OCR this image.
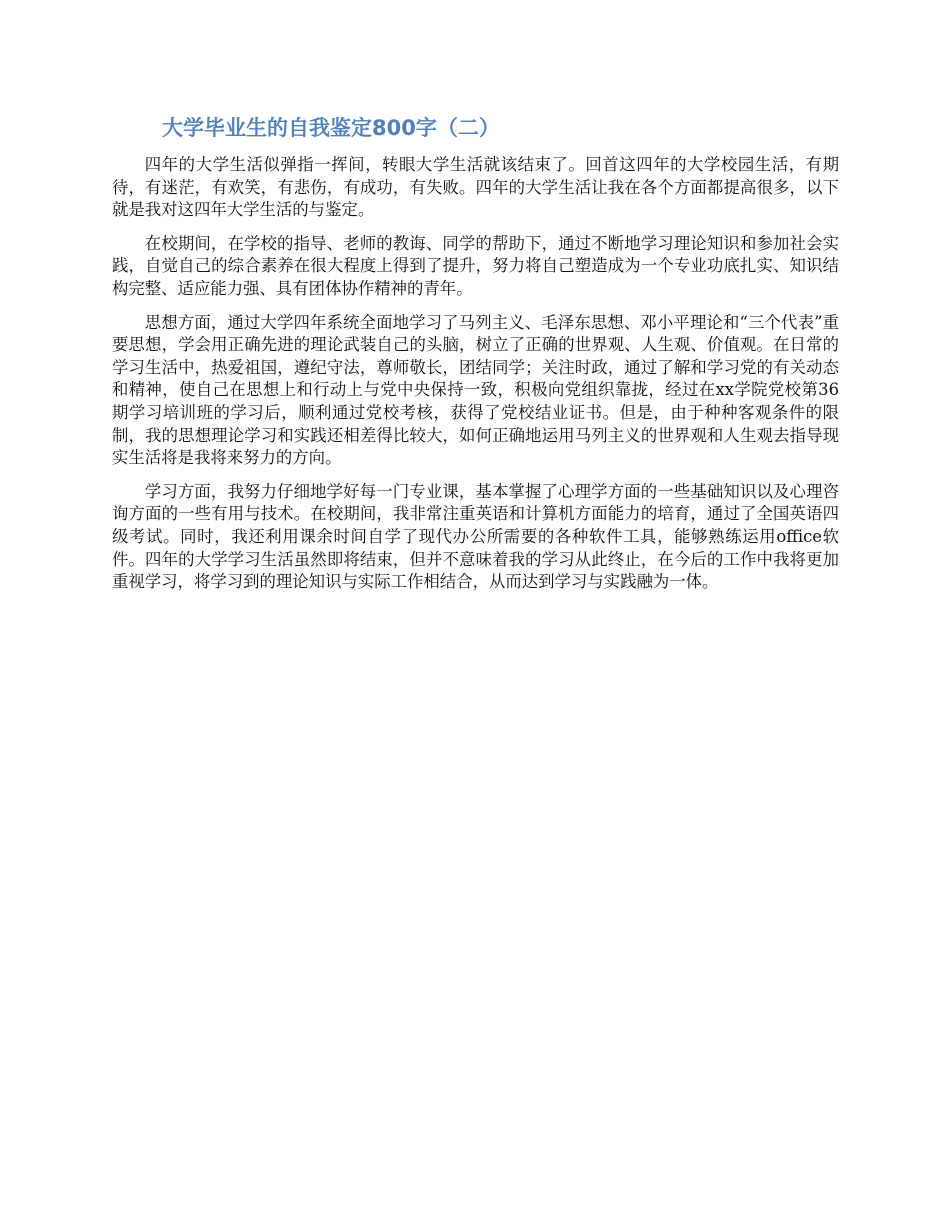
大学毕业生的自我鉴定800字（二）

四年的大学生活似弹指一挥间，转眼大学生活就该结束了。回首这四年的大学校园生活，有期待，有迷茫，有欢笑，有悲伤，有成功，有失败。四年的大学生活让我在各个方面都提高很多，以下就是我对这四年大学生活的与鉴定。

在校期间，在学校的指导、老师的教诲、同学的帮助下，通过不断地学习理论知识和参加社会实践，自觉自己的综合素养在很大程度上得到了提升，努力将自己塑造成为一个专业功底扎实、知识结构完整、适应能力强、具有团体协作精神的青年。

思想方面，通过大学四年系统全面地学习了马列主义、毛泽东思想、邓小平理论和“三个代表”重要思想，学会用正确先进的理论武装自己的头脑，树立了正确的世界观、人生观、价值观。在日常的学习生活中，热爱祖国，遵纪守法，尊师敬长，团结同学；关注时政，通过了解和学习党的有关动态和精神，使自己在思想上和行动上与党中央保持一致，积极向党组织靠拢，经过在xx学院党校第36期学习培训班的学习后，顺利通过党校考核，获得了党校结业证书。但是，由于种种客观条件的限制，我的思想理论学习和实践还相差得比较大，如何正确地运用马列主义的世界观和人生观去指导现实生活将是我将来努力的方向。

学习方面，我努力仔细地学好每一门专业课，基本掌握了心理学方面的一些基础知识以及心理咨询方面的一些有用与技术。在校期间，我非常注重英语和计算机方面能力的培育，通过了全国英语四级考试。同时，我还利用课余时间自学了现代办公所需要的各种软件工具，能够熟练运用office软件。四年的大学学习生活虽然即将结束，但并不意味着我的学习从此终止，在今后的工作中我将更加重视学习，将学习到的理论知识与实际工作相结合，从而达到学习与实践融为一体。
